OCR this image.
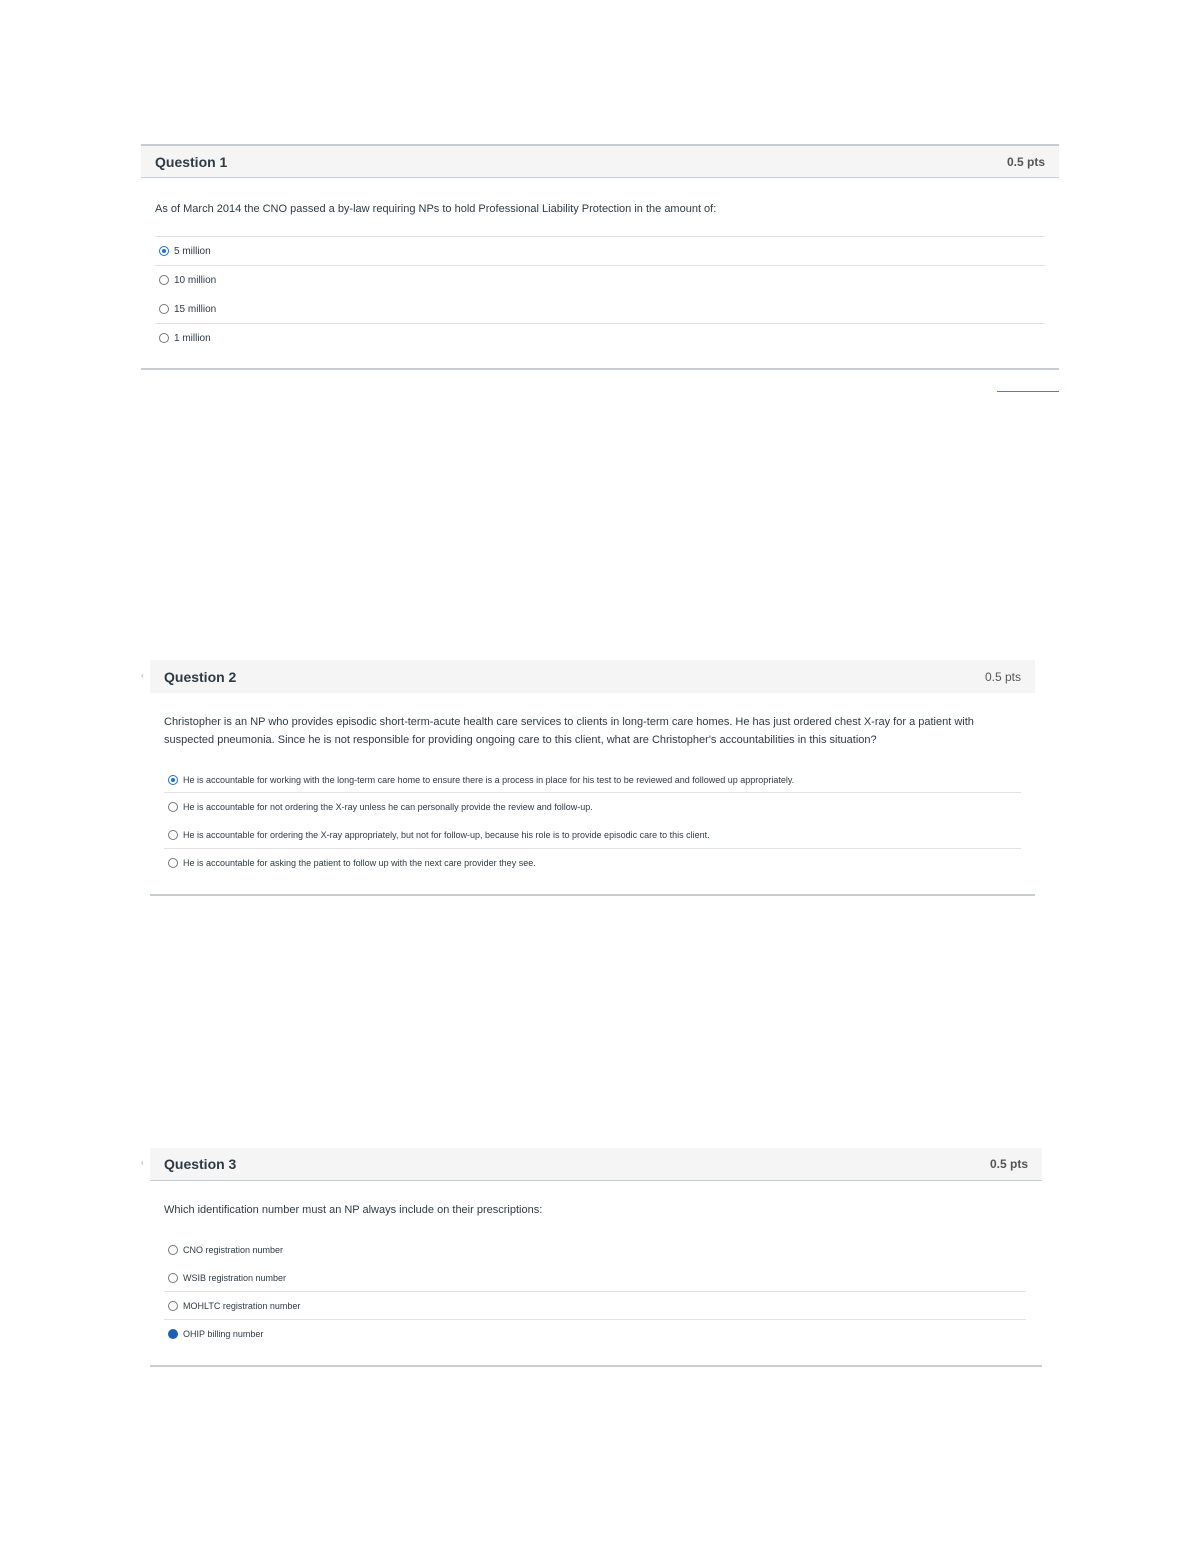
Question 1	0.5 pts
As of March 2014 the CNO passed a by-law requiring NPs to hold Professional Liability Protection in the amount of:
5 million
10 million
15 million
1 million
‹ Question 2	0.5 pts
Christopher is an NP who provides episodic short-term-acute health care services to clients in long-term care homes. He has just ordered chest X-ray for a patient with suspected pneumonia. Since he is not responsible for providing ongoing care to this client, what are Christopher's accountabilities in this situation?
He is accountable for working with the long-term care home to ensure there is a process in place for his test to be reviewed and followed up appropriately.
He is accountable for not ordering the X-ray unless he can personally provide the review and follow-up.
He is accountable for ordering the X-ray appropriately, but not for follow-up, because his role is to provide episodic care to this client.
He is accountable for asking the patient to follow up with the next care provider they see.
‹ Question 3	0.5 pts
Which identification number must an NP always include on their prescriptions:
CNO registration number
WSIB registration number
MOHLTC registration number
OHIP billing number
